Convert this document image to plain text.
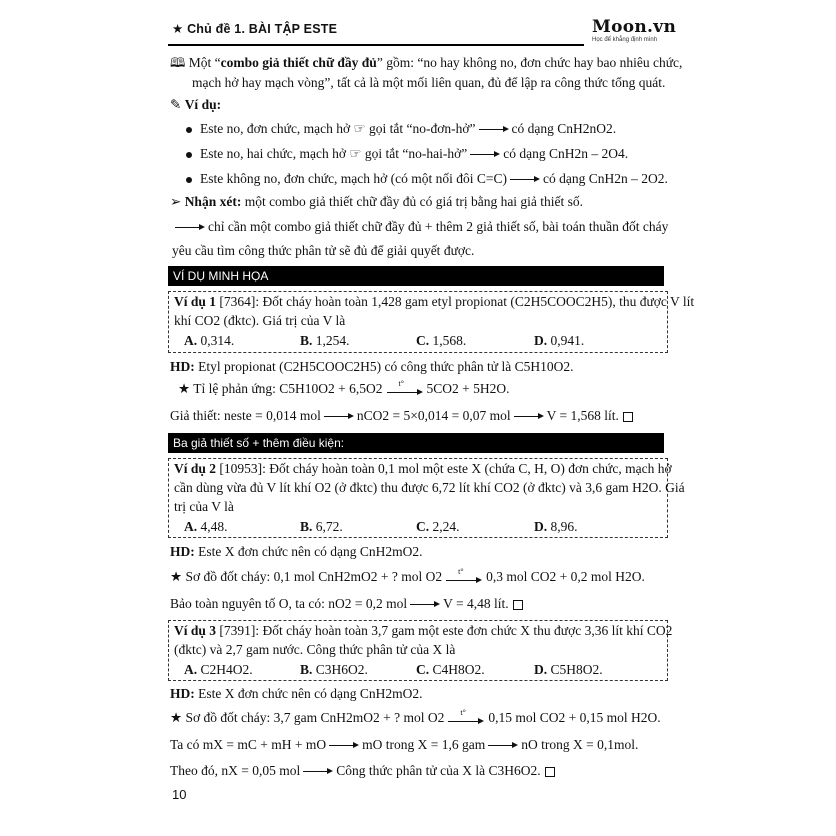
★ Chủ đề 1. BÀI TẬP ESTE	Moon.vn
Học để khẳng định mình
🕮 Một “combo giả thiết chữ đầy đủ” gồm: “no hay không no, đơn chức hay bao nhiêu chức,
mạch hở hay mạch vòng”, tất cả là một mối liên quan, đủ để lập ra công thức tổng quát.
✎ Ví dụ:
Este no, đơn chức, mạch hở ☞ gọi tắt “no-đơn-hở”	có dạng CnH2nO2.
Este no, hai chức, mạch hở ☞ gọi tắt “no-hai-hở”	có dạng CnH2n – 2O4.
Este không no, đơn chức, mạch hở (có một nối đôi C=C)	có dạng CnH2n – 2O2.
➢ Nhận xét: một combo giả thiết chữ đầy đủ có giá trị bằng hai giả thiết số.
chỉ cần một combo giả thiết chữ đầy đủ + thêm 2 giả thiết số, bài toán thuần đốt cháy
yêu cầu tìm công thức phân tử sẽ đủ để giải quyết được.
VÍ DỤ MINH HỌA
Ví dụ 1 [7364]: Đốt cháy hoàn toàn 1,428 gam etyl propionat (C2H5COOC2H5), thu được V lít
khí CO2 (đktc). Giá trị của V là
A. 0,314.	B. 1,254.	C. 1,568.	D. 0,941.
HD: Etyl propionat (C2H5COOC2H5) có công thức phân tử là C5H10O2.
★ Tỉ lệ phản ứng: C5H10O2 + 6,5O2 t° 5CO2 + 5H2O.
Giả thiết: neste = 0,014 mol	nCO2 = 5×0,014 = 0,07 mol	V = 1,568 lít.
Ba giả thiết số + thêm điều kiện:
Ví dụ 2 [10953]: Đốt cháy hoàn toàn 0,1 mol một este X (chứa C, H, O) đơn chức, mạch hở
cần dùng vừa đủ V lít khí O2 (ở đktc) thu được 6,72 lít khí CO2 (ở đktc) và 3,6 gam H2O. Giá
trị của V là
A. 4,48.	B. 6,72.	C. 2,24.	D. 8,96.
HD: Este X đơn chức nên có dạng CnH2mO2.
★ Sơ đồ đốt cháy: 0,1 mol CnH2mO2 + ? mol O2 t° 0,3 mol CO2 + 0,2 mol H2O.
Bảo toàn nguyên tố O, ta có: nO2 = 0,2 mol	V = 4,48 lít.
Ví dụ 3 [7391]: Đốt cháy hoàn toàn 3,7 gam một este đơn chức X thu được 3,36 lít khí CO2
(đktc) và 2,7 gam nước. Công thức phân tử của X là
A. C2H4O2.	B. C3H6O2.	C. C4H8O2.	D. C5H8O2.
HD: Este X đơn chức nên có dạng CnH2mO2.
★ Sơ đồ đốt cháy: 3,7 gam CnH2mO2 + ? mol O2 t° 0,15 mol CO2 + 0,15 mol H2O.
Ta có mX = mC + mH + mO	mO trong X = 1,6 gam	nO trong X = 0,1mol.
Theo đó, nX = 0,05 mol	Công thức phân tử của X là C3H6O2.
10
